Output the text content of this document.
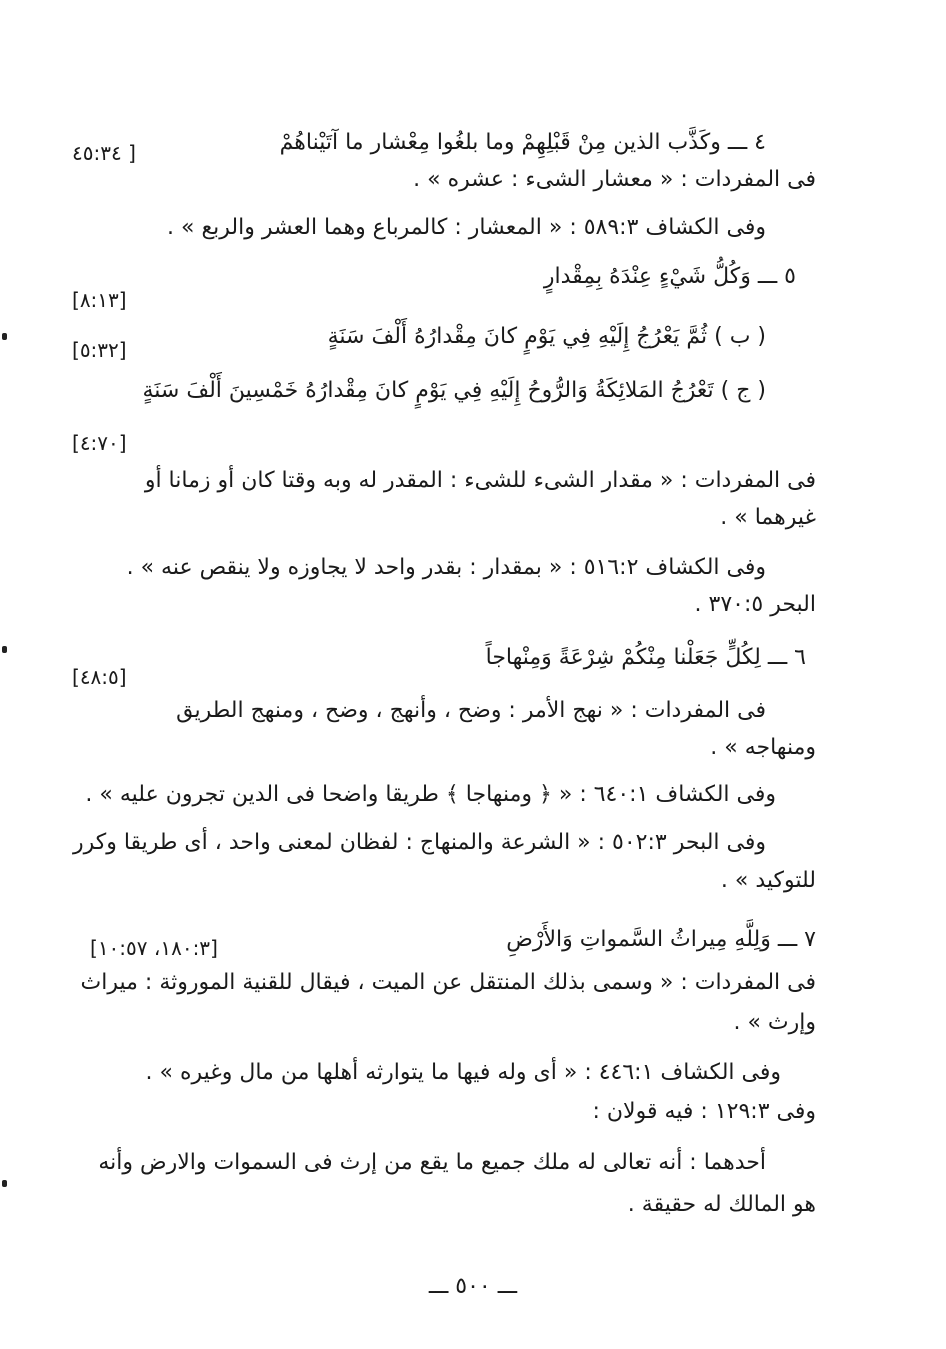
٤ ـــ وكَذَّب الذين مِنْ قَبْلِهِمْ وما بلغُوا مِعْشار ما آتَيْناهُمْ
[ ٤٥:٣٤
فى المفردات : « معشار الشىء : عشره » .
وفى الكشاف ٥٨٩:٣ : « المعشار : كالمرباع وهما العشر والربع » .
٥ ـــ وَكُلُّ شَيْءٍ عِنْدَهُ بِمِقْدارٍ
[٨:١٣]
( ب ) ثُمَّ يَعْرُجُ إِلَيْهِ فِي يَوْمٍ كانَ مِقْدارُهُ أَلْفَ سَنَةٍ
[٥:٣٢]
( ج ) تَعْرُجُ المَلائِكَةُ وَالرُّوحُ إِلَيْهِ فِي يَوْمٍ كانَ مِقْدارُهُ خَمْسِينَ أَلْفَ سَنَةٍ
[٤:٧٠]
فى المفردات : « مقدار الشىء للشىء : المقدر له وبه وقتا كان أو زمانا أو
غيرهما » .
وفى الكشاف ٥١٦:٢ : « بمقدار : بقدر واحد لا يجاوزه ولا ينقص عنه » .
البحر ٣٧٠:٥ .
٦ ـــ لِكُلٍّ جَعَلْنا مِنْكُمْ شِرْعَةً وَمِنْهاجاً
[٤٨:٥]
فى المفردات : « نهج الأمر : وضح ، وأنهج ، وضح ، ومنهج الطريق
ومنهاجه » .
وفى الكشاف ٦٤٠:١ : « ﴿ ومنهاجا ﴾ طريقا واضحا فى الدين تجرون عليه » .
وفى البحر ٥٠٢:٣ : « الشرعة والمنهاج : لفظان لمعنى واحد ، أى طريقا وكرر
للتوكيد » .
٧ ـــ وَلِلَّهِ مِيراثُ السَّمواتِ وَالأَرْضِ
[١٨٠:٣، ١٠:٥٧]
فى المفردات : « وسمى بذلك المنتقل عن الميت ، فيقال للقنية الموروثة : ميراث
وإرث » .
وفى الكشاف ٤٤٦:١ : « أى وله فيها ما يتوارثه أهلها من مال وغيره » .
وفى ١٢٩:٣ : فيه قولان :
أحدهما : أنه تعالى له ملك جميع ما يقع من إرث فى السموات والارض وأنه
هو المالك له حقيقة .
ـــ ٥٠٠ ـــ
